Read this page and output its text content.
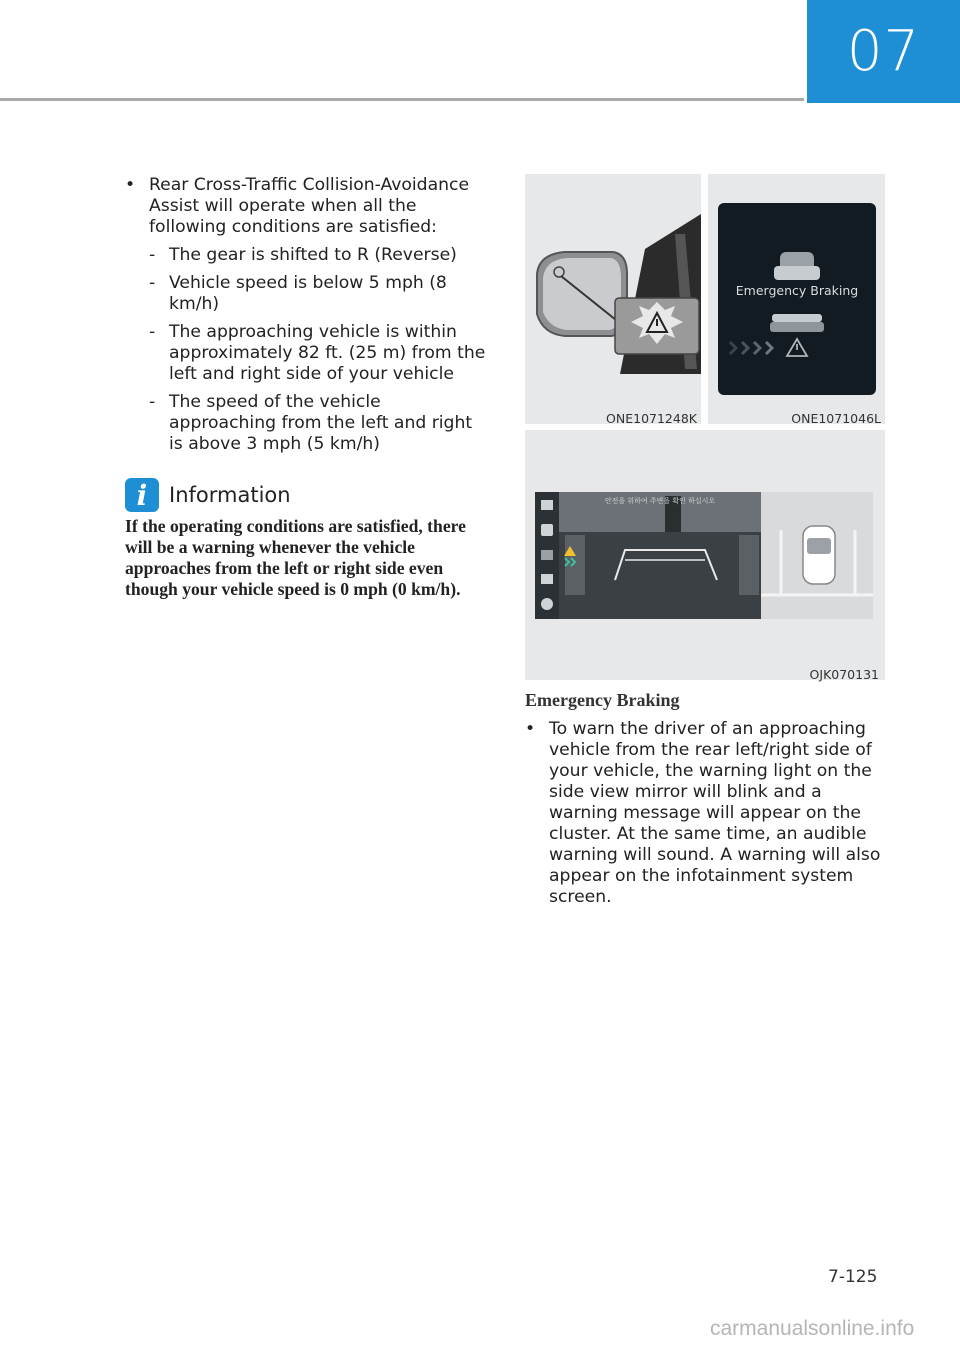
07
• Rear Cross-Traffic Collision-Avoidance Assist will operate when all the following conditions are satisfied:
- The gear is shifted to R (Reverse)
- Vehicle speed is below 5 mph (8 km/h)
- The approaching vehicle is within approximately 82 ft. (25 m) from the left and right side of your vehicle
- The speed of the vehicle approaching from the left and right is above 3 mph (5 km/h)
i	Information
If the operating conditions are satisfied, there will be a warning whenever the vehicle approaches from the left or right side even though your vehicle speed is 0 mph (0 km/h).
ONE1071248K
Emergency Braking
ONE1071046L
안전을 위하여 주변을 확인 하십시오
OJK070131
Emergency Braking
• To warn the driver of an approaching vehicle from the rear left/right side of your vehicle, the warning light on the side view mirror will blink and a warning message will appear on the cluster. At the same time, an audible warning will sound. A warning will also appear on the infotainment system screen.
7-125
carmanualsonline.info
